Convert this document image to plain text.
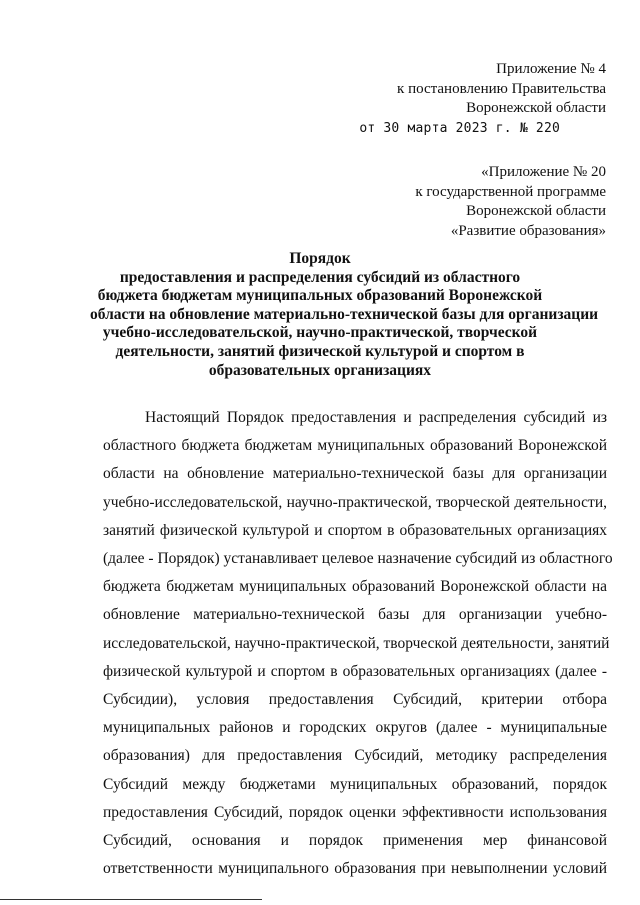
Приложение № 4
к постановлению Правительства
Воронежской области
от 30 марта 2023 г. № 220
«Приложение № 20
к государственной программе
Воронежской области
«Развитие образования»
Порядок
предоставления и распределения субсидий из областного
бюджета бюджетам муниципальных образований Воронежской
области на обновление материально-технической базы для организации
учебно-исследовательской, научно-практической, творческой
деятельности, занятий физической культурой и спортом в
образовательных организациях
Настоящий Порядок предоставления и распределения субсидий из
областного бюджета бюджетам муниципальных образований Воронежской
области на обновление материально-технической базы для организации
учебно-исследовательской, научно-практической, творческой деятельности,
занятий физической культурой и спортом в образовательных организациях
(далее - Порядок) устанавливает целевое назначение субсидий из областного
бюджета бюджетам муниципальных образований Воронежской области на
обновление материально-технической базы для организации учебно-
исследовательской, научно-практической, творческой деятельности, занятий
физической культурой и спортом в образовательных организациях (далее -
Субсидии), условия предоставления Субсидий, критерии отбора
муниципальных районов и городских округов (далее - муниципальные
образования) для предоставления Субсидий, методику распределения
Субсидий между бюджетами муниципальных образований, порядок
предоставления Субсидий, порядок оценки эффективности использования
Субсидий, основания и порядок применения мер финансовой
ответственности муниципального образования при невыполнении условий
